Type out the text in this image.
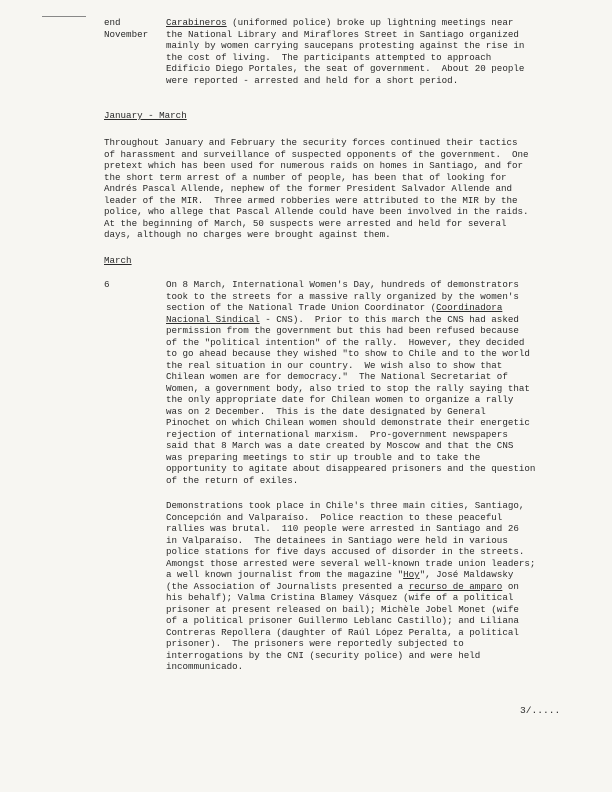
end
November
Carabineros (uniformed police) broke up lightning meetings near
the National Library and Miraflores Street in Santiago organized
mainly by women carrying saucepans protesting against the rise in
the cost of living.  The participants attempted to approach
Edificio Diego Portales, the seat of government.  About 20 people
were reported - arrested and held for a short period.
January - March
Throughout January and February the security forces continued their tactics
of harassment and surveillance of suspected opponents of the government.  One
pretext which has been used for numerous raids on homes in Santiago, and for
the short term arrest of a number of people, has been that of looking for
Andrés Pascal Allende, nephew of the former President Salvador Allende and
leader of the MIR.  Three armed robberies were attributed to the MIR by the
police, who allege that Pascal Allende could have been involved in the raids.
At the beginning of March, 50 suspects were arrested and held for several
days, although no charges were brought against them.
March
6	On 8 March, International Women's Day, hundreds of demonstrators
took to the streets for a massive rally organized by the women's
section of the National Trade Union Coordinator (Coordinadora
Nacional Sindical - CNS).  Prior to this march the CNS had asked
permission from the government but this had been refused because
of the "political intention" of the rally.  However, they decided
to go ahead because they wished "to show to Chile and to the world
the real situation in our country.  We wish also to show that
Chilean women are for democracy."  The National Secretariat of
Women, a government body, also tried to stop the rally saying that
the only appropriate date for Chilean women to organize a rally
was on 2 December.  This is the date designated by General
Pinochet on which Chilean women should demonstrate their energetic
rejection of international marxism.  Pro-government newspapers
said that 8 March was a date created by Moscow and that the CNS
was preparing meetings to stir up trouble and to take the
opportunity to agitate about disappeared prisoners and the question
of the return of exiles.
Demonstrations took place in Chile's three main cities, Santiago,
Concepción and Valparaíso.  Police reaction to these peaceful
rallies was brutal.  110 people were arrested in Santiago and 26
in Valparaíso.  The detainees in Santiago were held in various
police stations for five days accused of disorder in the streets.
Amongst those arrested were several well-known trade union leaders;
a well known journalist from the magazine "Hoy", José Maldawsky
(the Association of Journalists presented a recurso de amparo on
his behalf); Valma Cristina Blamey Vásquez (wife of a political
prisoner at present released on bail); Michèle Jobel Monet (wife
of a political prisoner Guillermo Leblanc Castillo); and Liliana
Contreras Repollera (daughter of Raúl López Peralta, a political
prisoner).  The prisoners were reportedly subjected to
interrogations by the CNI (security police) and were held
incommunicado.
3/.....
